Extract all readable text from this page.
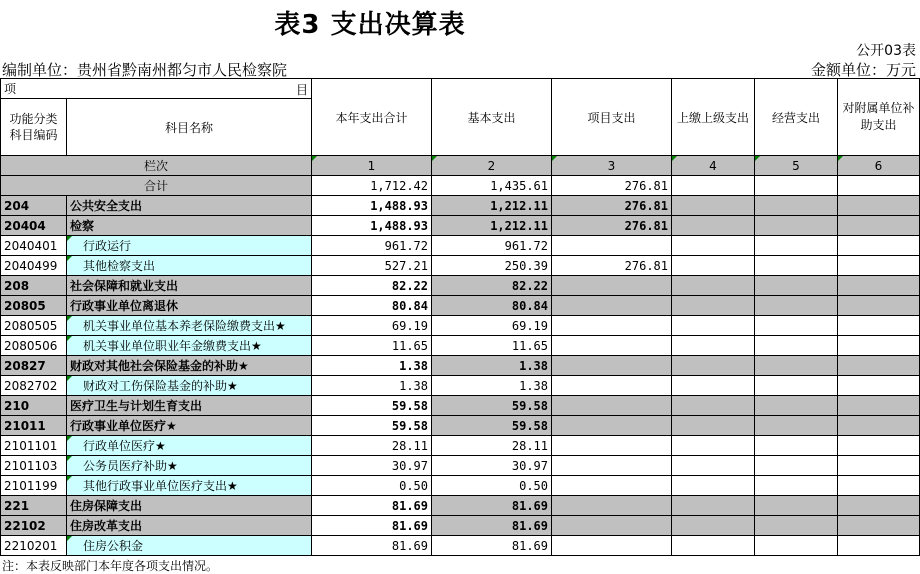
表3 支出决算表
公开03表
编制单位：贵州省黔南州都匀市人民检察院	金额单位：万元
项 目		本年支出合计	基本支出	项目支出	上缴上级支出	经营支出	对附属单位补助支出
功能分类科目编码	科目名称						
栏次		1	2	3	4	5	6
合计		1,712.42	1,435.61	276.81			
204	公共安全支出	1,488.93	1,212.11	276.81			
20404	检察	1,488.93	1,212.11	276.81			
2040401	行政运行	961.72	961.72				
2040499	其他检察支出	527.21	250.39	276.81			
208	社会保障和就业支出	82.22	82.22				
20805	行政事业单位离退休	80.84	80.84				
2080505	机关事业单位基本养老保险缴费支出★	69.19	69.19				
2080506	机关事业单位职业年金缴费支出★	11.65	11.65				
20827	财政对其他社会保险基金的补助★	1.38	1.38				
2082702	财政对工伤保险基金的补助★	1.38	1.38				
210	医疗卫生与计划生育支出	59.58	59.58				
21011	行政事业单位医疗★	59.58	59.58				
2101101	行政单位医疗★	28.11	28.11				
2101103	公务员医疗补助★	30.97	30.97				
2101199	其他行政事业单位医疗支出★	0.50	0.50				
221	住房保障支出	81.69	81.69				
22102	住房改革支出	81.69	81.69				
2210201	住房公积金	81.69	81.69				
注：本表反映部门本年度各项支出情况。
